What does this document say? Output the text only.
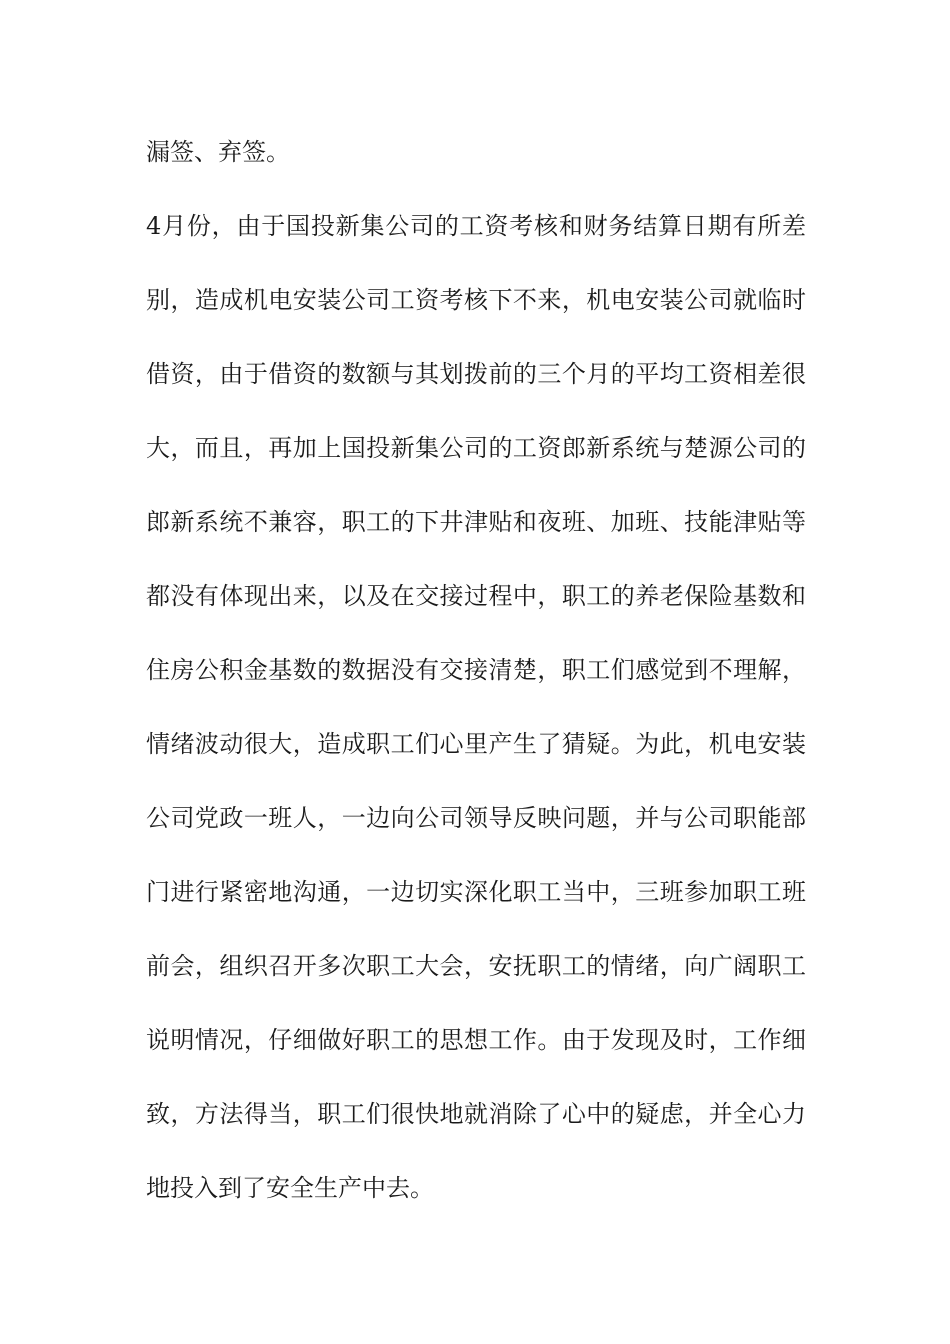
漏签、弃签。
4月份，由于国投新集公司的工资考核和财务结算日期有所差
别，造成机电安装公司工资考核下不来，机电安装公司就临时
借资，由于借资的数额与其划拨前的三个月的平均工资相差很
大，而且，再加上国投新集公司的工资郎新系统与楚源公司的
郎新系统不兼容，职工的下井津贴和夜班、加班、技能津贴等
都没有体现出来，以及在交接过程中，职工的养老保险基数和
住房公积金基数的数据没有交接清楚，职工们感觉到不理解，
情绪波动很大，造成职工们心里产生了猜疑。为此，机电安装
公司党政一班人，一边向公司领导反映问题，并与公司职能部
门进行紧密地沟通，一边切实深化职工当中，三班参加职工班
前会，组织召开多次职工大会，安抚职工的情绪，向广阔职工
说明情况，仔细做好职工的思想工作。由于发现及时，工作细
致，方法得当，职工们很快地就消除了心中的疑虑，并全心力
地投入到了安全生产中去。
